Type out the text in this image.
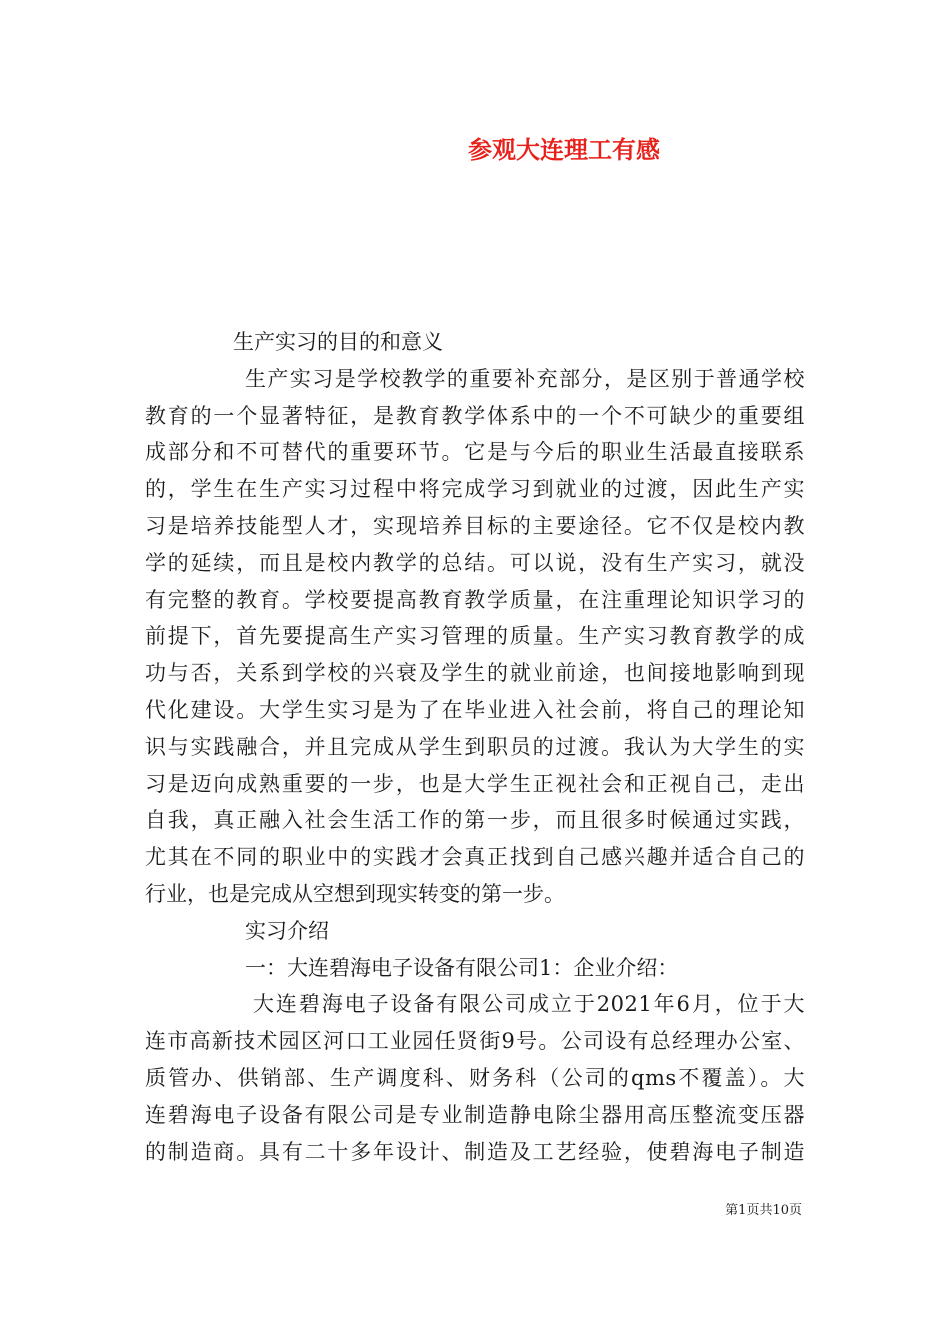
参观大连理工有感
生产实习的目的和意义
生产实习是学校教学的重要补充部分，是区别于普通学校
教育的一个显著特征，是教育教学体系中的一个不可缺少的重要组
成部分和不可替代的重要环节。它是与今后的职业生活最直接联系
的，学生在生产实习过程中将完成学习到就业的过渡，因此生产实
习是培养技能型人才，实现培养目标的主要途径。它不仅是校内教
学的延续，而且是校内教学的总结。可以说，没有生产实习，就没
有完整的教育。学校要提高教育教学质量，在注重理论知识学习的
前提下，首先要提高生产实习管理的质量。生产实习教育教学的成
功与否，关系到学校的兴衰及学生的就业前途，也间接地影响到现
代化建设。大学生实习是为了在毕业进入社会前，将自己的理论知
识与实践融合，并且完成从学生到职员的过渡。我认为大学生的实
习是迈向成熟重要的一步，也是大学生正视社会和正视自己，走出
自我，真正融入社会生活工作的第一步，而且很多时候通过实践，
尤其在不同的职业中的实践才会真正找到自己感兴趣并适合自己的
行业，也是完成从空想到现实转变的第一步。
实习介绍
一：大连碧海电子设备有限公司1：企业介绍：
大连碧海电子设备有限公司成立于2021年6月，位于大
连市高新技术园区河口工业园任贤街9号。公司设有总经理办公室、
质管办、供销部、生产调度科、财务科（公司的qms不覆盖）。大
连碧海电子设备有限公司是专业制造静电除尘器用高压整流变压器
的制造商。具有二十多年设计、制造及工艺经验，使碧海电子制造
第1页共10页
